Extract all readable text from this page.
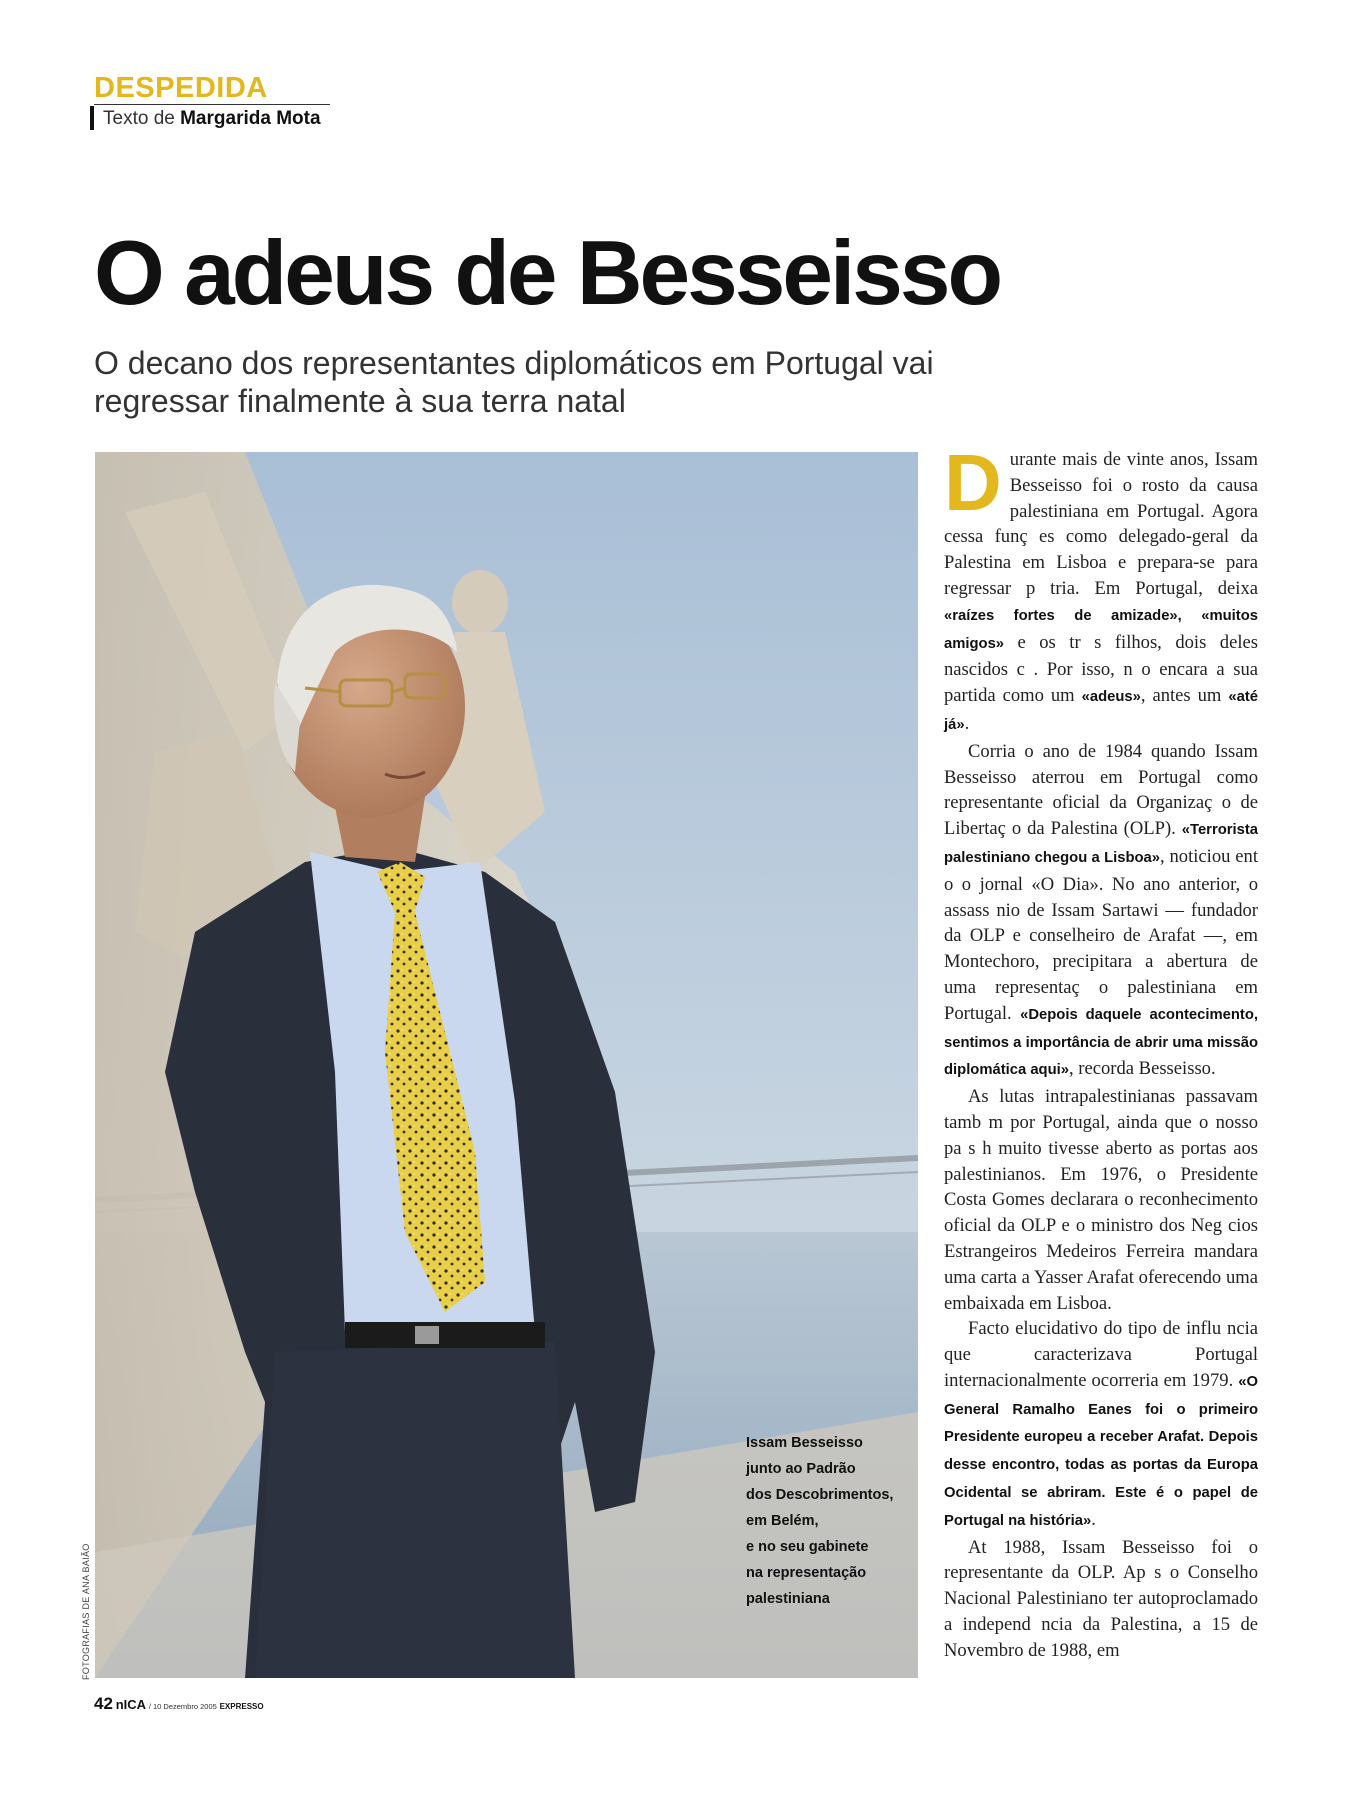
DESPEDIDA
Texto de Margarida Mota
O adeus de Besseisso

O decano dos representantes diplomáticos em Portugal vai regressar finalmente à sua terra natal

Issam Besseisso
junto ao Padrão
dos Descobrimentos,
em Belém,
e no seu gabinete
na representação
palestiniana
FOTOGRAFIAS DE ANA BAIÃO

Durante mais de vinte anos, Issam Besseisso foi o rosto da causa palestiniana em Portugal. Agora cessa funç es como delegado-geral da Palestina em Lisboa e prepara-se para regressar p tria. Em Portugal, deixa «raízes fortes de amizade», «muitos amigos» e os tr s filhos, dois deles nascidos c . Por isso, n o encara a sua partida como um «adeus», antes um «até já».

Corria o ano de 1984 quando Issam Besseisso aterrou em Portugal como representante oficial da Organizaç o de Libertaç o da Palestina (OLP). «Terrorista palestiniano chegou a Lisboa», noticiou ent o o jornal «O Dia». No ano anterior, o assass nio de Issam Sartawi — fundador da OLP e conselheiro de Arafat —, em Montechoro, precipitara a abertura de uma representaç o palestiniana em Portugal. «Depois daquele acontecimento, sentimos a importância de abrir uma missão diplomática aqui», recorda Besseisso.

As lutas intrapalestinianas passavam tamb m por Portugal, ainda que o nosso pa s h muito tivesse aberto as portas aos palestinianos. Em 1976, o Presidente Costa Gomes declarara o reconhecimento oficial da OLP e o ministro dos Neg cios Estrangeiros Medeiros Ferreira mandara uma carta a Yasser Arafat oferecendo uma embaixada em Lisboa.

Facto elucidativo do tipo de influ ncia que caracterizava Portugal internacionalmente ocorreria em 1979. «O General Ramalho Eanes foi o primeiro Presidente europeu a receber Arafat. Depois desse encontro, todas as portas da Europa Ocidental se abriram. Este é o papel de Portugal na história».

At 1988, Issam Besseisso foi o representante da OLP. Ap s o Conselho Nacional Palestiniano ter autoproclamado a independ ncia da Palestina, a 15 de Novembro de 1988, em

42 nICA / 10 Dezembro 2005 EXPRESSO
